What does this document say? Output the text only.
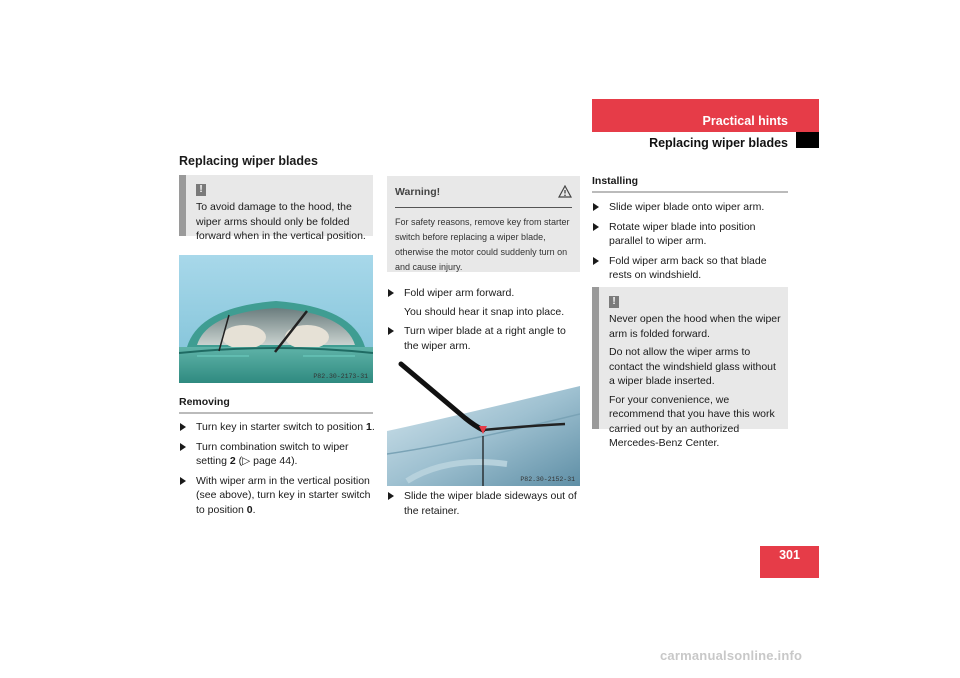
Practical hints
Replacing wiper blades
Replacing wiper blades
!

To avoid damage to the hood, the wiper arms should only be folded forward when in the vertical position.

P82.30-2173-31
Removing
Turn key in starter switch to position 1.
Turn combination switch to wiper setting 2 (▷ page 44).
With wiper arm in the vertical position (see above), turn key in starter switch to position 0.
Warning!
For safety reasons, remove key from starter switch before replacing a wiper blade, otherwise the motor could suddenly turn on and cause injury.
Fold wiper arm forward.
You should hear it snap into place.
Turn wiper blade at a right angle to the wiper arm.
P82.30-2152-31
Slide the wiper blade sideways out of the retainer.
Installing
Slide wiper blade onto wiper arm.
Rotate wiper blade into position parallel to wiper arm.
Fold wiper arm back so that blade rests on windshield.
!

Never open the hood when the wiper arm is folded forward.

Do not allow the wiper arms to contact the windshield glass without a wiper blade inserted.

For your convenience, we recommend that you have this work carried out by an authorized Mercedes-Benz Center.

301
carmanualsonline.info
